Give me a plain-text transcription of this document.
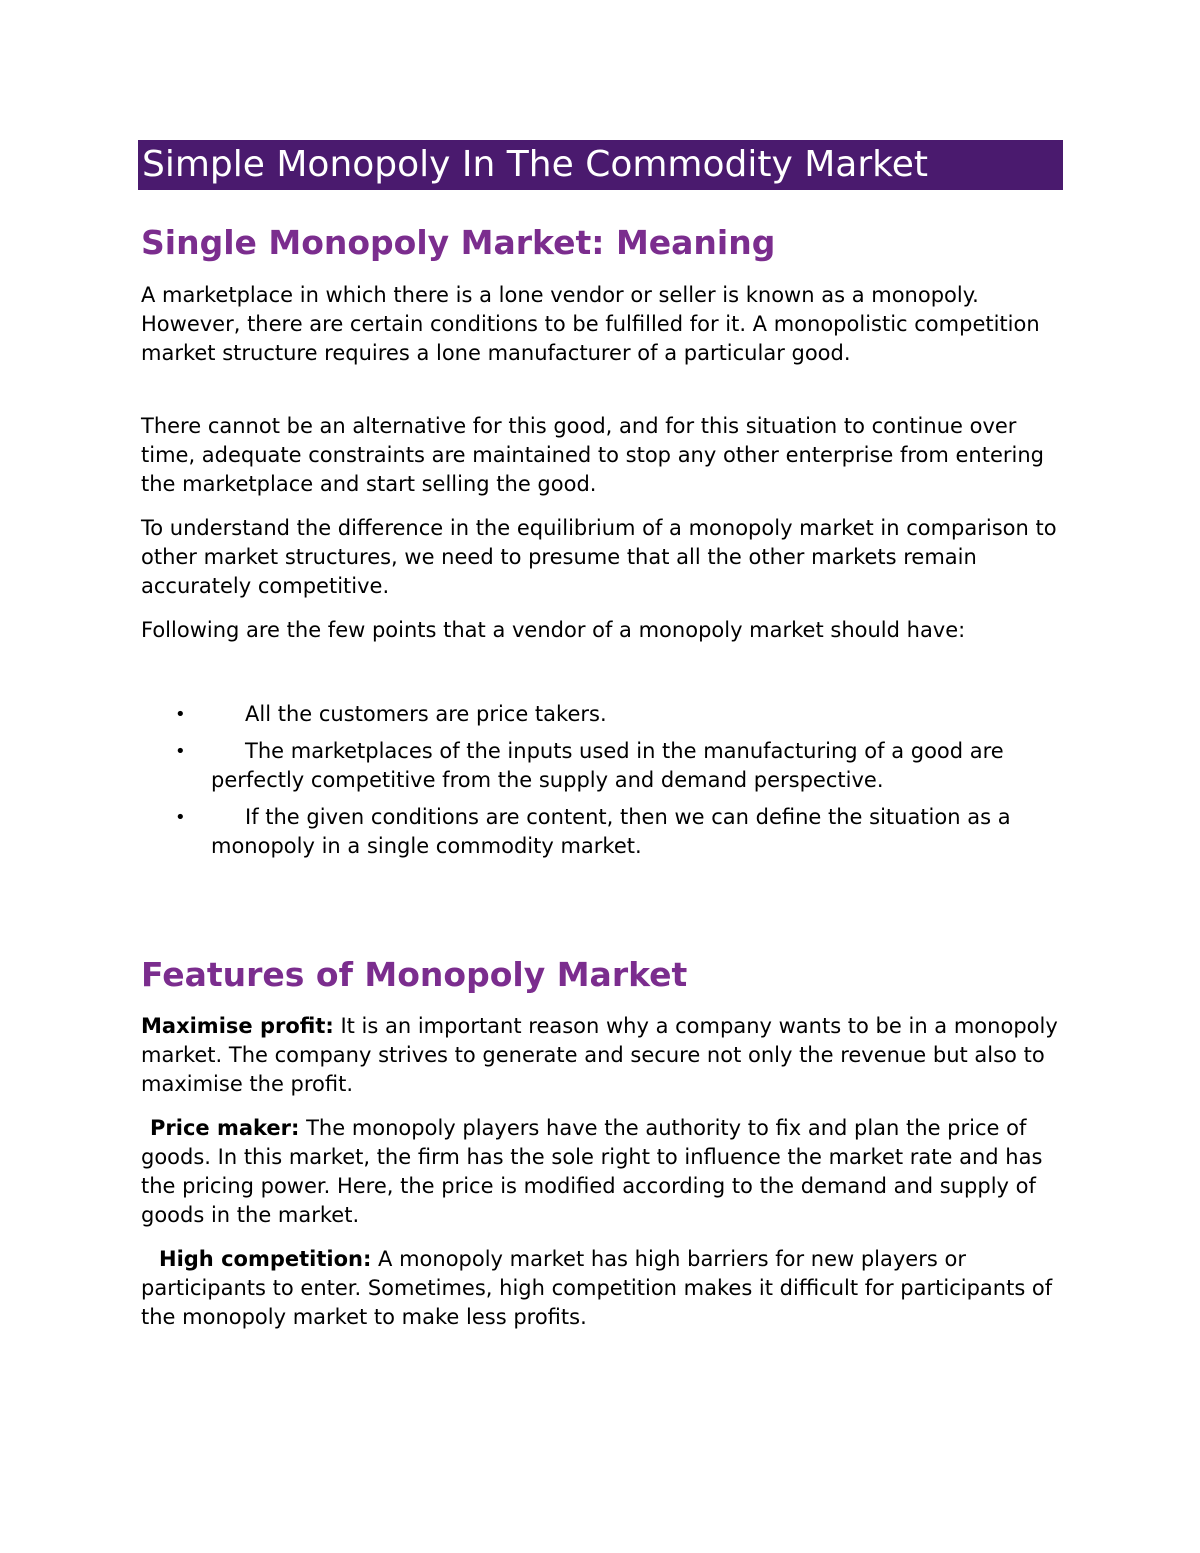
Simple Monopoly In The Commodity Market
Single Monopoly Market: Meaning

A marketplace in which there is a lone vendor or seller is known as a monopoly. However, there are certain conditions to be fulfilled for it. A monopolistic competition market structure requires a lone manufacturer of a particular good.

There cannot be an alternative for this good, and for this situation to continue over time, adequate constraints are maintained to stop any other enterprise from entering the marketplace and start selling the good.

To understand the difference in the equilibrium of a monopoly market in comparison to other market structures, we need to presume that all the other markets remain accurately competitive.

Following are the few points that a vendor of a monopoly market should have:

•	All the customers are price takers.
•	The marketplaces of the inputs used in the manufacturing of a good are perfectly competitive from the supply and demand perspective.
•	If the given conditions are content, then we can define the situation as a monopoly in a single commodity market.
Features of Monopoly Market

Maximise profit: It is an important reason why a company wants to be in a monopoly market. The company strives to generate and secure not only the revenue but also to maximise the profit.

Price maker: The monopoly players have the authority to fix and plan the price of goods. In this market, the firm has the sole right to influence the market rate and has the pricing power. Here, the price is modified according to the demand and supply of goods in the market.

High competition: A monopoly market has high barriers for new players or participants to enter. Sometimes, high competition makes it difficult for participants of the monopoly market to make less profits.
